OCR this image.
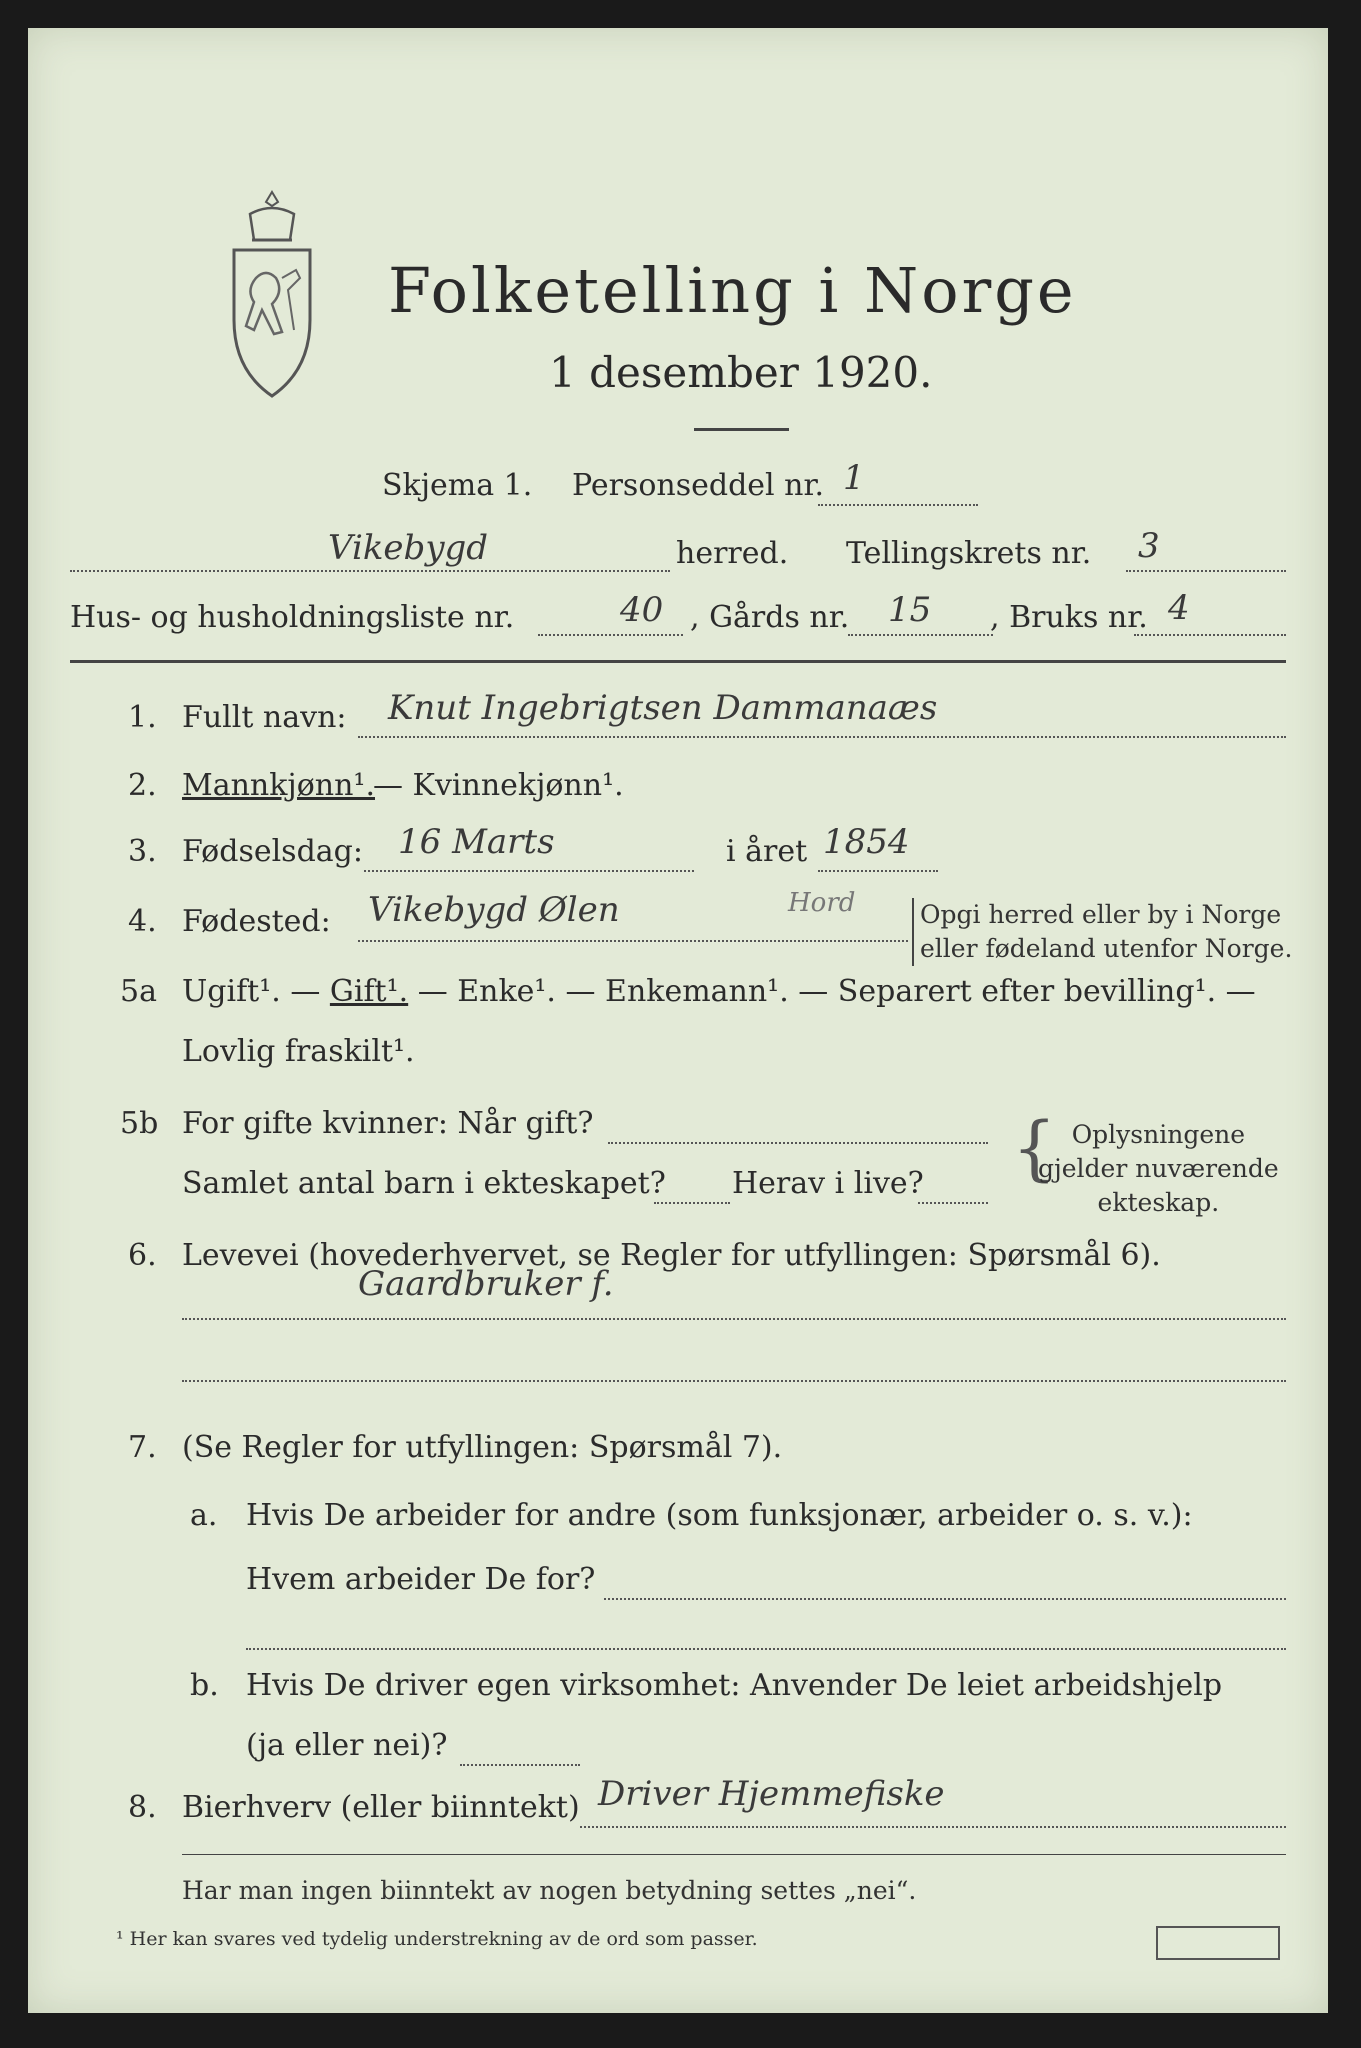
Folketelling i Norge
1 desember 1920.
Skjema 1. Personseddel nr. 1
Vikebygd	herred. Tellingskrets nr. 3
Hus- og husholdningsliste nr.	40 , Gårds nr. 15 , Bruks nr. 4
1. Fullt navn: Knut Ingebrigtsen Dammanaæs
2. Mannkjønn¹.
— Kvinnekjønn¹.
3. Fødselsdag: 16 Marts	i året 1854
4. Fødested: Vikebygd Ølen	Hord	Opgi herred eller by i Norge
eller fødeland utenfor Norge.
5a Ugift¹. — Gift¹. — Enke¹. — Enkemann¹. — Separert efter bevilling¹. —
Lovlig fraskilt¹.
5b For gifte kvinner: Når gift?
Samlet antal barn i ekteskapet? Herav i live? { Oplysningene
gjelder nuværende
ekteskap.
6. Levevei (hovederhvervet, se Regler for utfyllingen: Spørsmål 6).
Gaardbruker f.
7. (Se Regler for utfyllingen: Spørsmål 7).
a. Hvis De arbeider for andre (som funksjonær, arbeider o. s. v.):
Hvem arbeider De for?
b. Hvis De driver egen virksomhet: Anvender De leiet arbeidshjelp
(ja eller nei)?
8. Bierhverv (eller biinntekt) Driver Hjemmefiske
Har man ingen biinntekt av nogen betydning settes „nei“.
¹ Her kan svares ved tydelig understrekning av de ord som passer.
